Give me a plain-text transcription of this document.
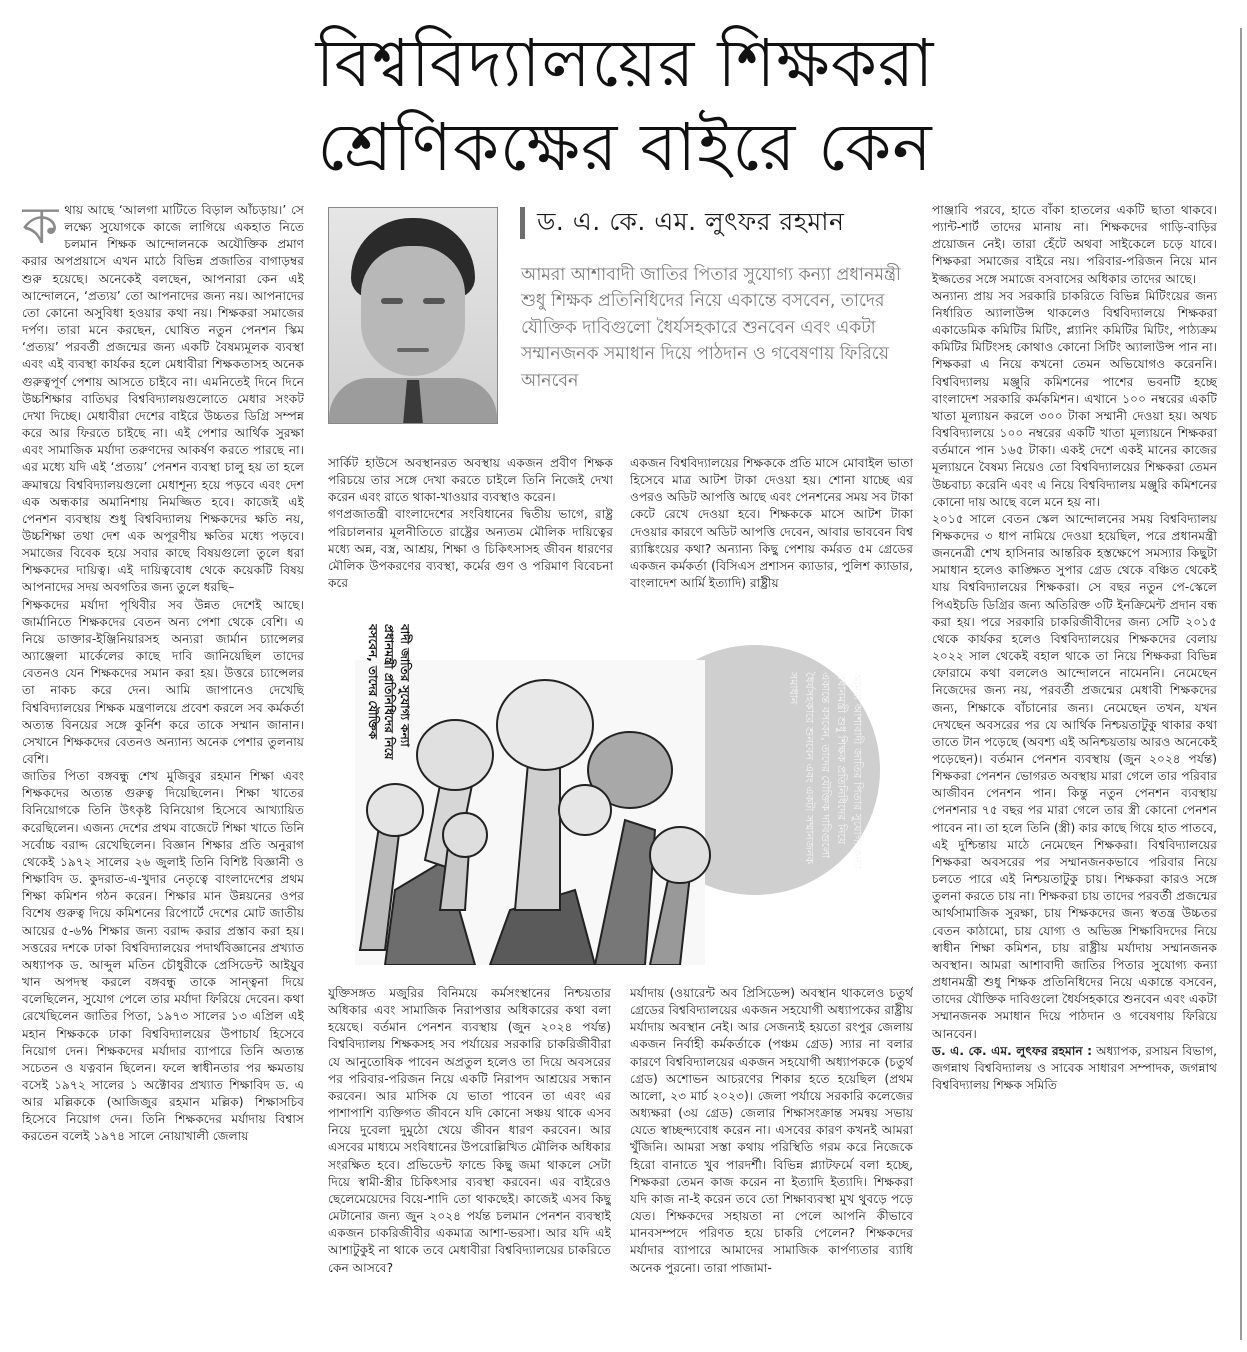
বিশ্ববিদ্যালয়ের শিক্ষকরা
শ্রেণিকক্ষের বাইরে কেন
ক থায় আছে ‘আলগা মাটিতে বিড়াল আঁচড়ায়।’ সে লক্ষ্যে সুযোগকে কাজে লাগিয়ে একহাত নিতে চলমান শিক্ষক আন্দোলনকে অযৌক্তিক প্রমাণ করার অপপ্রয়াসে এখন মাঠে বিভিন্ন প্রজাতির বাগাড়ম্বর শুরু হয়েছে। অনেকেই বলছেন, আপনারা কেন এই আন্দোলনে, ‘প্রত্যয়’ তো আপনাদের জন্য নয়। আপনাদের তো কোনো অসুবিধা হওয়ার কথা নয়। শিক্ষকরা সমাজের দর্পণ। তারা মনে করছেন, ঘোষিত নতুন পেনশন স্কিম ‘প্রত্যয়’ পরবর্তী প্রজন্মের জন্য একটি বৈষম্যমূলক ব্যবস্থা এবং এই ব্যবস্থা কার্যকর হলে মেধাবীরা শিক্ষকতাসহ অনেক গুরুত্বপূর্ণ পেশায় আসতে চাইবে না। এমনিতেই দিনে দিনে উচ্চশিক্ষার বাতিঘর বিশ্ববিদ্যালয়গুলোতে মেধার সংকট দেখা দিচ্ছে। মেধাবীরা দেশের বাইরে উচ্চতর ডিগ্রি সম্পন্ন করে আর ফিরতে চাইছে না। এই পেশার আর্থিক সুরক্ষা এবং সামাজিক মর্যাদা তরুণদের আকর্ষণ করতে পারছে না। এর মধ্যে যদি এই ‘প্রত্যয়’ পেনশন ব্যবস্থা চালু হয় তা হলে ক্রমান্বয়ে বিশ্ববিদ্যালয়গুলো মেধাশূন্য হয়ে পড়বে এবং দেশ এক অন্ধকার অমানিশায় নিমজ্জিত হবে। কাজেই এই পেনশন ব্যবস্থায় শুধু বিশ্ববিদ্যালয় শিক্ষকদের ক্ষতি নয়, উচ্চশিক্ষা তথা দেশ এক অপূরণীয় ক্ষতির মধ্যে পড়বে। সমাজের বিবেক হয়ে সবার কাছে বিষয়গুলো তুলে ধরা শিক্ষকদের দায়িত্ব। এই দায়িত্ববোধ থেকে কয়েকটি বিষয় আপনাদের সদয় অবগতির জন্য তুলে ধরছি–

শিক্ষকদের মর্যাদা পৃথিবীর সব উন্নত দেশেই আছে। জার্মানিতে শিক্ষকদের বেতন অন্য পেশা থেকে বেশি। এ নিয়ে ডাক্তার-ইঞ্জিনিয়ারসহ অন্যরা জার্মান চ্যান্সেলর অ্যাঞ্জেলা মার্কেলের কাছে দাবি জানিয়েছিল তাদের বেতনও যেন শিক্ষকদের সমান করা হয়। উত্তরে চ্যান্সেলর তা নাকচ করে দেন। আমি জাপানেও দেখেছি বিশ্ববিদ্যালয়ের শিক্ষক মন্ত্রণালয়ে প্রবেশ করলে সব কর্মকর্তা অত্যন্ত বিনয়ের সঙ্গে কুর্নিশ করে তাকে সম্মান জানান। সেখানে শিক্ষকদের বেতনও অন্যান্য অনেক পেশার তুলনায় বেশি।

জাতির পিতা বঙ্গবন্ধু শেখ মুজিবুর রহমান শিক্ষা এবং শিক্ষকদের অত্যন্ত গুরুত্ব দিয়েছিলেন। শিক্ষা খাতের বিনিয়োগকে তিনি উৎকৃষ্ট বিনিয়োগ হিসেবে আখ্যায়িত করেছিলেন। এজন্য দেশের প্রথম বাজেটে শিক্ষা খাতে তিনি সর্বোচ্চ বরাদ্দ রেখেছিলেন। বিজ্ঞান শিক্ষার প্রতি অনুরাগ থেকেই ১৯৭২ সালের ২৬ জুলাই তিনি বিশিষ্ট বিজ্ঞানী ও শিক্ষাবিদ ড. কুদরাত-এ-খুদার নেতৃত্বে বাংলাদেশের প্রথম শিক্ষা কমিশন গঠন করেন। শিক্ষার মান উন্নয়নের ওপর বিশেষ গুরুত্ব দিয়ে কমিশনের রিপোর্টে দেশের মোট জাতীয় আয়ের ৫-৬% শিক্ষার জন্য বরাদ্দ করার প্রস্তাব করা হয়। সত্তরের দশকে ঢাকা বিশ্ববিদ্যালয়ের পদার্থবিজ্ঞানের প্রখ্যাত অধ্যাপক ড. আব্দুল মতিন চৌধুরীকে প্রেসিডেন্ট আইয়ুব খান অপদস্থ করলে বঙ্গবন্ধু তাকে সান্ত্বনা দিয়ে বলেছিলেন, সুযোগ পেলে তার মর্যাদা ফিরিয়ে দেবেন। কথা রেখেছিলেন জাতির পিতা, ১৯৭৩ সালের ১৩ এপ্রিল এই মহান শিক্ষককে ঢাকা বিশ্ববিদ্যালয়ের উপাচার্য হিসেবে নিয়োগ দেন। শিক্ষকদের মর্যাদার ব্যাপারে তিনি অত্যন্ত সচেতন ও যত্নবান ছিলেন। ফলে স্বাধীনতার পর ক্ষমতায় বসেই ১৯৭২ সালের ১ অক্টোবর প্রখ্যাত শিক্ষাবিদ ড. এ আর মল্লিককে (আজিজুর রহমান মল্লিক) শিক্ষাসচিব হিসেবে নিয়োগ দেন। তিনি শিক্ষকদের মর্যাদায় বিশ্বাস করতেন বলেই ১৯৭৪ সালে নোয়াখালী জেলায়

ড. এ. কে. এম. লুৎফর রহমান
আমরা আশাবাদী জাতির পিতার সুযোগ্য কন্যা প্রধানমন্ত্রী শুধু শিক্ষক প্রতিনিধিদের নিয়ে একান্তে বসবেন, তাদের যৌক্তিক দাবিগুলো ধৈর্যসহকারে শুনবেন এবং একটা সম্মানজনক সমাধান দিয়ে পাঠদান ও গবেষণায় ফিরিয়ে আনবেন

সার্কিট হাউসে অবস্থানরত অবস্থায় একজন প্রবীণ শিক্ষক পরিচয়ে তার সঙ্গে দেখা করতে চাইলে তিনি নিজেই দেখা করেন এবং রাতে থাকা-খাওয়ার ব্যবস্থাও করেন।

গণপ্রজাতন্ত্রী বাংলাদেশের সংবিধানের দ্বিতীয় ভাগে, রাষ্ট্র পরিচালনার মূলনীতিতে রাষ্ট্রের অন্যতম মৌলিক দায়িত্বের মধ্যে অন্ন, বস্ত্র, আশ্রয়, শিক্ষা ও চিকিৎসাসহ জীবন ধারণের মৌলিক উপকরণের ব্যবস্থা, কর্মের গুণ ও পরিমাণ বিবেচনা করে

একজন বিশ্ববিদ্যালয়ের শিক্ষককে প্রতি মাসে মোবাইল ভাতা হিসেবে মাত্র আটশ টাকা দেওয়া হয়। শোনা যাচ্ছে এর ওপরও অডিট আপত্তি আছে এবং পেনশনের সময় সব টাকা কেটে রেখে দেওয়া হবে। শিক্ষককে মাসে আটশ টাকা দেওয়ার কারণে অডিট আপত্তি দেবেন, আবার ভাববেন বিশ্ব র‍্যাঙ্কিংয়ের কথা? অন্যান্য কিছু পেশায় কর্মরত ৫ম গ্রেডের একজন কর্মকর্তা (বিসিএস প্রশাসন ক্যাডার, পুলিশ ক্যাডার, বাংলাদেশ আর্মি ইত্যাদি) রাষ্ট্রীয়

বাদী জাতির সুযোগ্য কন্যা প্রধানমন্ত্রী প্রতিনিধিদের নিয়ে বসবেন, তাদের যৌক্তিক	আমরা আশাবাদী জাতির পিতার সুযোগ্য কন্যা প্রধানমন্ত্রী শুধু শিক্ষক প্রতিনিধিদের নিয়ে একান্তে বসবেন, তাদের যৌক্তিক দাবিগুলো ধৈর্যসহকারে শুনবেন এবং একটা সম্মানজনক সমাধান

যুক্তিসঙ্গত মজুরির বিনিময়ে কর্মসংস্থানের নিশ্চয়তার অধিকার এবং সামাজিক নিরাপত্তার অধিকারের কথা বলা হয়েছে। বর্তমান পেনশন ব্যবস্থায় (জুন ২০২৪ পর্যন্ত) বিশ্ববিদ্যালয় শিক্ষকসহ সব পর্যায়ের সরকারি চাকরিজীবীরা যে আনুতোষিক পাবেন অপ্রতুল হলেও তা দিয়ে অবসরের পর পরিবার-পরিজন নিয়ে একটি নিরাপদ আশ্রয়ের সন্ধান করবেন। আর মাসিক যে ভাতা পাবেন তা এবং এর পাশাপাশি ব্যক্তিগত জীবনে যদি কোনো সঞ্চয় থাকে এসব নিয়ে দুবেলা দুমুঠো খেয়ে জীবন ধারণ করবেন। আর এসবের মাধ্যমে সংবিধানের উপরোল্লিখিত মৌলিক অধিকার সংরক্ষিত হবে। প্রভিডেন্ট ফান্ডে কিছু জমা থাকলে সেটা দিয়ে স্বামী-স্ত্রীর চিকিৎসার ব্যবস্থা করবেন। এর বাইরেও ছেলেমেয়েদের বিয়ে-শাদি তো থাকছেই। কাজেই এসব কিছু মেটানোর জন্য জুন ২০২৪ পর্যন্ত চলমান পেনশন ব্যবস্থাই একজন চাকরিজীবীর একমাত্র আশা-ভরসা। আর যদি এই আশাটুকুই না থাকে তবে মেধাবীরা বিশ্ববিদ্যালয়ের চাকরিতে কেন আসবে?

মর্যাদায় (ওয়ারেন্ট অব প্রিসিডেন্স) অবস্থান থাকলেও চতুর্থ গ্রেডের বিশ্ববিদ্যালয়ের একজন সহযোগী অধ্যাপকের রাষ্ট্রীয় মর্যাদায় অবস্থান নেই। আর সেজন্যই হয়তো রংপুর জেলায় একজন নির্বাহী কর্মকর্তাকে (পঞ্চম গ্রেড) স্যার না বলার কারণে বিশ্ববিদ্যালয়ের একজন সহযোগী অধ্যাপককে (চতুর্থ গ্রেড) অশোভন আচরণের শিকার হতে হয়েছিল (প্রথম আলো, ২৩ মার্চ ২০২৩)। জেলা পর্যায়ে সরকারি কলেজের অধ্যক্ষরা (৩য় গ্রেড) জেলার শিক্ষাসংক্রান্ত সমন্বয় সভায় যেতে স্বাচ্ছন্দ্যবোধ করেন না। এসবের কারণ কখনই আমরা খুঁজিনি। আমরা সস্তা কথায় পরিস্থিতি গরম করে নিজেকে হিরো বানাতে খুব পারদর্শী। বিভিন্ন প্ল্যাটফর্মে বলা হচ্ছে, শিক্ষকরা তেমন কাজ করেন না ইত্যাদি ইত্যাদি। শিক্ষকরা যদি কাজ না-ই করেন তবে তো শিক্ষাব্যবস্থা মুখ থুবড়ে পড়ে যেত। শিক্ষকদের সহায়তা না পেলে আপনি কীভাবে মানবসম্পদে পরিণত হয়ে চাকরি পেলেন? শিক্ষকদের মর্যাদার ব্যাপারে আমাদের সামাজিক কার্পণ্যতার ব্যাধি অনেক পুরনো। তারা পাজামা-

পাঞ্জাবি পরবে, হাতে বাঁকা হাতলের একটি ছাতা থাকবে। প্যান্ট-শার্ট তাদের মানায় না। শিক্ষকদের গাড়ি-বাড়ির প্রয়োজন নেই। তারা হেঁটে অথবা সাইকেলে চড়ে যাবে। শিক্ষকরা সমাজের বাইরে নয়। পরিবার-পরিজন নিয়ে মান ইজ্জতের সঙ্গে সমাজে বসবাসের অধিকার তাদের আছে।

অন্যান্য প্রায় সব সরকারি চাকরিতে বিভিন্ন মিটিংয়ের জন্য নির্ধারিত অ্যালাউন্স থাকলেও বিশ্ববিদ্যালয়ে শিক্ষকরা একাডেমিক কমিটির মিটিং, প্ল্যানিং কমিটির মিটিং, পাঠ্যক্রম কমিটির মিটিংসহ কোথাও কোনো সিটিং অ্যালাউন্স পান না। শিক্ষকরা এ নিয়ে কখনো তেমন অভিযোগও করেননি। বিশ্ববিদ্যালয় মঞ্জুরি কমিশনের পাশের ভবনটি হচ্ছে বাংলাদেশ সরকারি কর্মকমিশন। এখানে ১০০ নম্বরের একটি খাতা মূল্যায়ন করলে ৩০০ টাকা সম্মানী দেওয়া হয়। অথচ বিশ্ববিদ্যালয়ে ১০০ নম্বরের একটি খাতা মূল্যায়নে শিক্ষকরা বর্তমানে পান ১৬৫ টাকা। একই দেশে একই মানের কাজের মূল্যায়নে বৈষম্য নিয়েও তো বিশ্ববিদ্যালয়ের শিক্ষকরা তেমন উচ্চবাচ্য করেনি এবং এ নিয়ে বিশ্ববিদ্যালয় মঞ্জুরি কমিশনের কোনো দায় আছে বলে মনে হয় না।

২০১৫ সালে বেতন স্কেল আন্দোলনের সময় বিশ্ববিদ্যালয় শিক্ষকদের ৩ ধাপ নামিয়ে দেওয়া হয়েছিল, পরে প্রধানমন্ত্রী জননেত্রী শেখ হাসিনার আন্তরিক হস্তক্ষেপে সমস্যার কিছুটা সমাধান হলেও কাঙ্ক্ষিত সুপার গ্রেড থেকে বঞ্চিত থেকেই যায় বিশ্ববিদ্যালয়ের শিক্ষকরা। সে বছর নতুন পে-স্কেলে পিএইচডি ডিগ্রির জন্য অতিরিক্ত ৩টি ইনক্রিমেন্ট প্রদান বন্ধ করা হয়। পরে সরকারি চাকরিজীবীদের জন্য সেটি ২০১৫ থেকে কার্যকর হলেও বিশ্ববিদ্যালয়ের শিক্ষকদের বেলায় ২০২২ সাল থেকেই বহাল থাকে তা নিয়ে শিক্ষকরা বিভিন্ন ফোরামে কথা বললেও আন্দোলনে নামেননি। নেমেছেন নিজেদের জন্য নয়, পরবর্তী প্রজন্মের মেধাবী শিক্ষকদের জন্য, শিক্ষাকে বাঁচানোর জন্য। নেমেছেন তখন, যখন দেখছেন অবসরের পর যে আর্থিক নিশ্চয়তাটুকু থাকার কথা তাতে টান পড়েছে (অবশ্য এই অনিশ্চয়তায় আরও অনেকেই পড়েছেন)। বর্তমান পেনশন ব্যবস্থায় (জুন ২০২৪ পর্যন্ত) শিক্ষকরা পেনশন ভোগরত অবস্থায় মারা গেলে তার পরিবার আজীবন পেনশন পান। কিন্তু নতুন পেনশন ব্যবস্থায় পেনশনার ৭৫ বছর পর মারা গেলে তার স্ত্রী কোনো পেনশন পাবেন না। তা হলে তিনি (স্ত্রী) কার কাছে গিয়ে হাত পাতবে, এই দুশ্চিন্তায় মাঠে নেমেছেন শিক্ষকরা। বিশ্ববিদ্যালয়ের শিক্ষকরা অবসরের পর সম্মানজনকভাবে পরিবার নিয়ে চলতে পারে এই নিশ্চয়তাটুকু চায়। শিক্ষকরা কারও সঙ্গে তুলনা করতে চায় না। শিক্ষকরা চায় তাদের পরবর্তী প্রজন্মের আর্থসামাজিক সুরক্ষা, চায় শিক্ষকদের জন্য স্বতন্ত্র উচ্চতর বেতন কাঠামো, চায় যোগ্য ও অভিজ্ঞ শিক্ষাবিদদের নিয়ে স্বাধীন শিক্ষা কমিশন, চায় রাষ্ট্রীয় মর্যাদায় সম্মানজনক অবস্থান। আমরা আশাবাদী জাতির পিতার সুযোগ্য কন্যা প্রধানমন্ত্রী শুধু শিক্ষক প্রতিনিধিদের নিয়ে একান্তে বসবেন, তাদের যৌক্তিক দাবিগুলো ধৈর্যসহকারে শুনবেন এবং একটা সম্মানজনক সমাধান দিয়ে পাঠদান ও গবেষণায় ফিরিয়ে আনবেন।

ড. এ. কে. এম. লুৎফর রহমান : অধ্যাপক, রসায়ন বিভাগ, জগন্নাথ বিশ্ববিদ্যালয় ও সাবেক সাধারণ সম্পাদক, জগন্নাথ বিশ্ববিদ্যালয় শিক্ষক সমিতি
